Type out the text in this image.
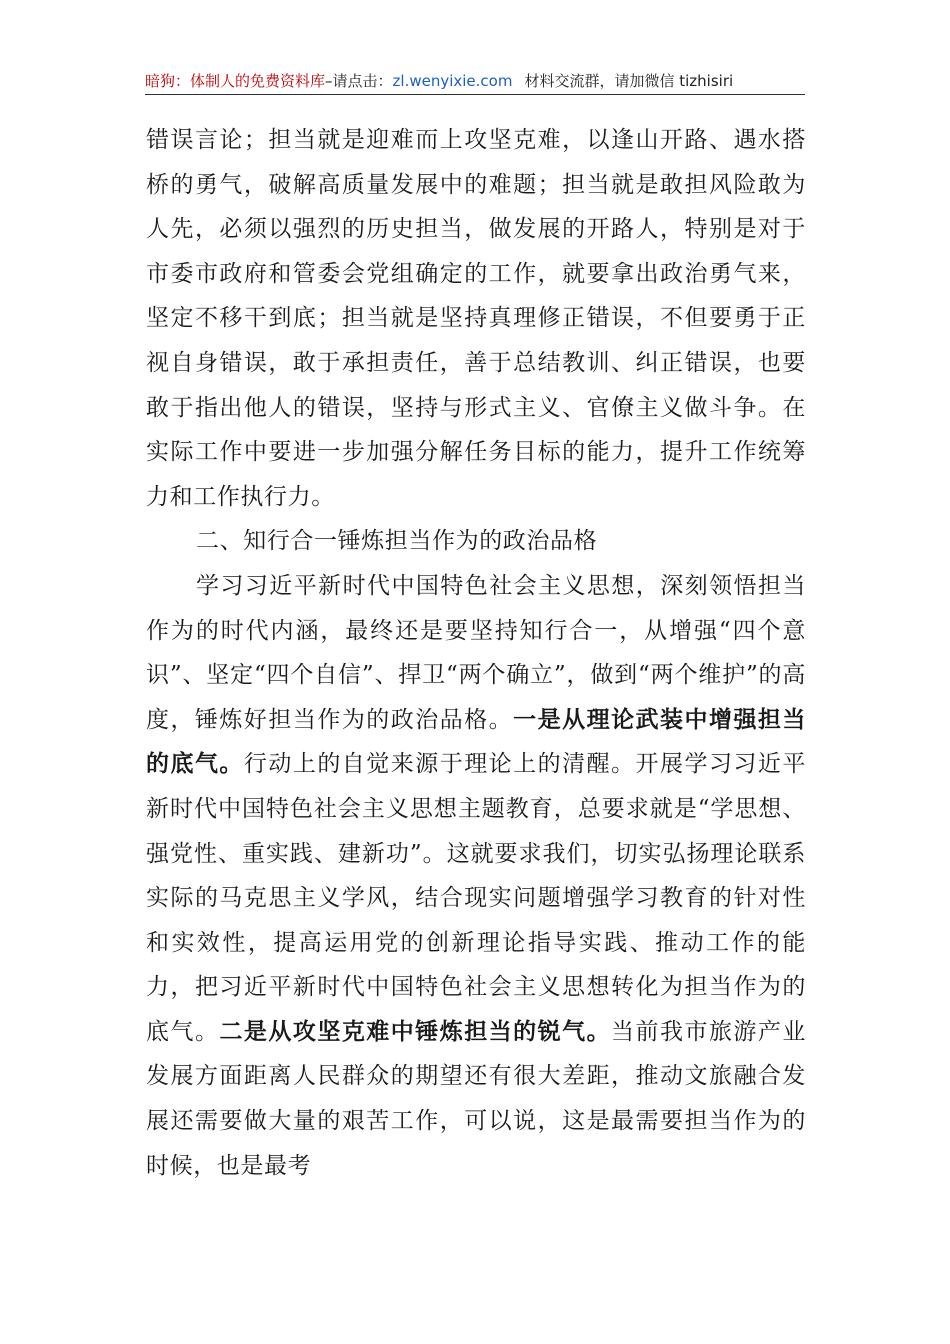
暗狗：体制人的免费资料库–请点击：zl.wenyixie.com 材料交流群，请加微信 tizhisiri

错误言论；担当就是迎难而上攻坚克难，以逢山开路、遇水搭桥的勇气，破解高质量发展中的难题；担当就是敢担风险敢为人先，必须以强烈的历史担当，做发展的开路人，特别是对于市委市政府和管委会党组确定的工作，就要拿出政治勇气来，坚定不移干到底；担当就是坚持真理修正错误，不但要勇于正视自身错误，敢于承担责任，善于总结教训、纠正错误，也要敢于指出他人的错误，坚持与形式主义、官僚主义做斗争。在实际工作中要进一步加强分解任务目标的能力，提升工作统筹力和工作执行力。

二、知行合一锤炼担当作为的政治品格

学习习近平新时代中国特色社会主义思想，深刻领悟担当作为的时代内涵，最终还是要坚持知行合一，从增强“四个意识”、坚定“四个自信”、捍卫“两个确立”，做到“两个维护”的高度，锤炼好担当作为的政治品格。一是从理论武装中增强担当的底气。行动上的自觉来源于理论上的清醒。开展学习习近平新时代中国特色社会主义思想主题教育，总要求就是“学思想、强党性、重实践、建新功”。这就要求我们，切实弘扬理论联系实际的马克思主义学风，结合现实问题增强学习教育的针对性和实效性，提高运用党的创新理论指导实践、推动工作的能力，把习近平新时代中国特色社会主义思想转化为担当作为的底气。二是从攻坚克难中锤炼担当的锐气。当前我市旅游产业发展方面距离人民群众的期望还有很大差距，推动文旅融合发展还需要做大量的艰苦工作，可以说，这是最需要担当作为的时候，也是最考
